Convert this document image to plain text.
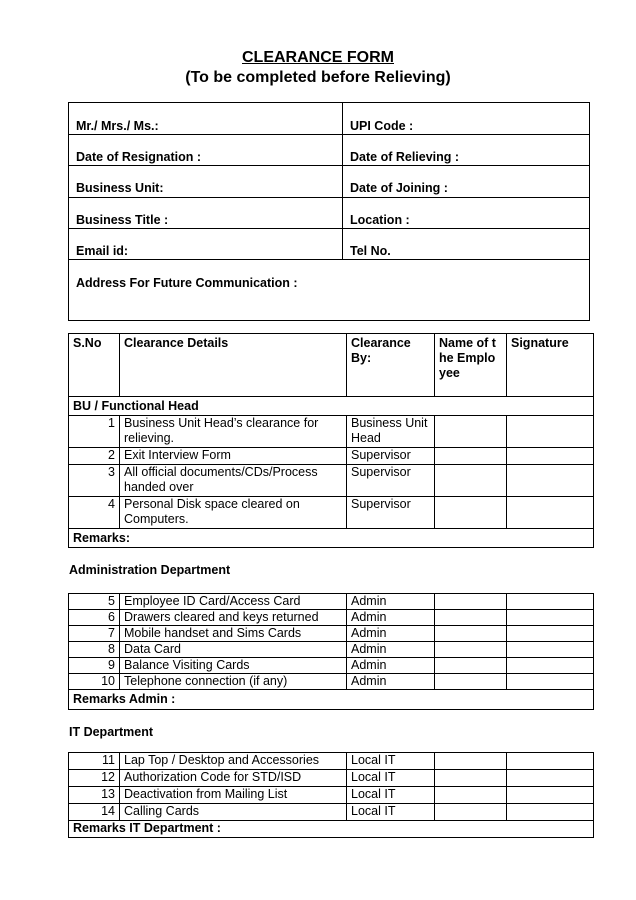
CLEARANCE FORM
(To be completed before Relieving)
Mr./ Mrs./ Ms.:	UPI Code :
Date of Resignation :	Date of Relieving :
Business Unit:	Date of Joining :
Business Title :	Location :
Email id:	Tel No.
Address For Future Communication :
S.No	Clearance Details	Clearance By:	Name of the Employee	Signature
BU / Functional Head				
1	Business Unit Head’s clearance for relieving.	Business Unit Head		
2	Exit Interview Form	Supervisor		
3	All official documents/CDs/Process handed over	Supervisor		
4	Personal Disk space cleared on Computers.	Supervisor		
Remarks:				
Administration Department
5	Employee ID Card/Access Card	Admin		
6	Drawers cleared and keys returned	Admin		
7	Mobile handset and Sims Cards	Admin		
8	Data Card	Admin		
9	Balance Visiting Cards	Admin		
10	Telephone connection (if any)	Admin		
Remarks Admin :				
IT Department
11	Lap Top / Desktop and Accessories	Local IT		
12	Authorization Code for STD/ISD	Local IT		
13	Deactivation from Mailing List	Local IT		
14	Calling Cards	Local IT		
Remarks IT Department :				
